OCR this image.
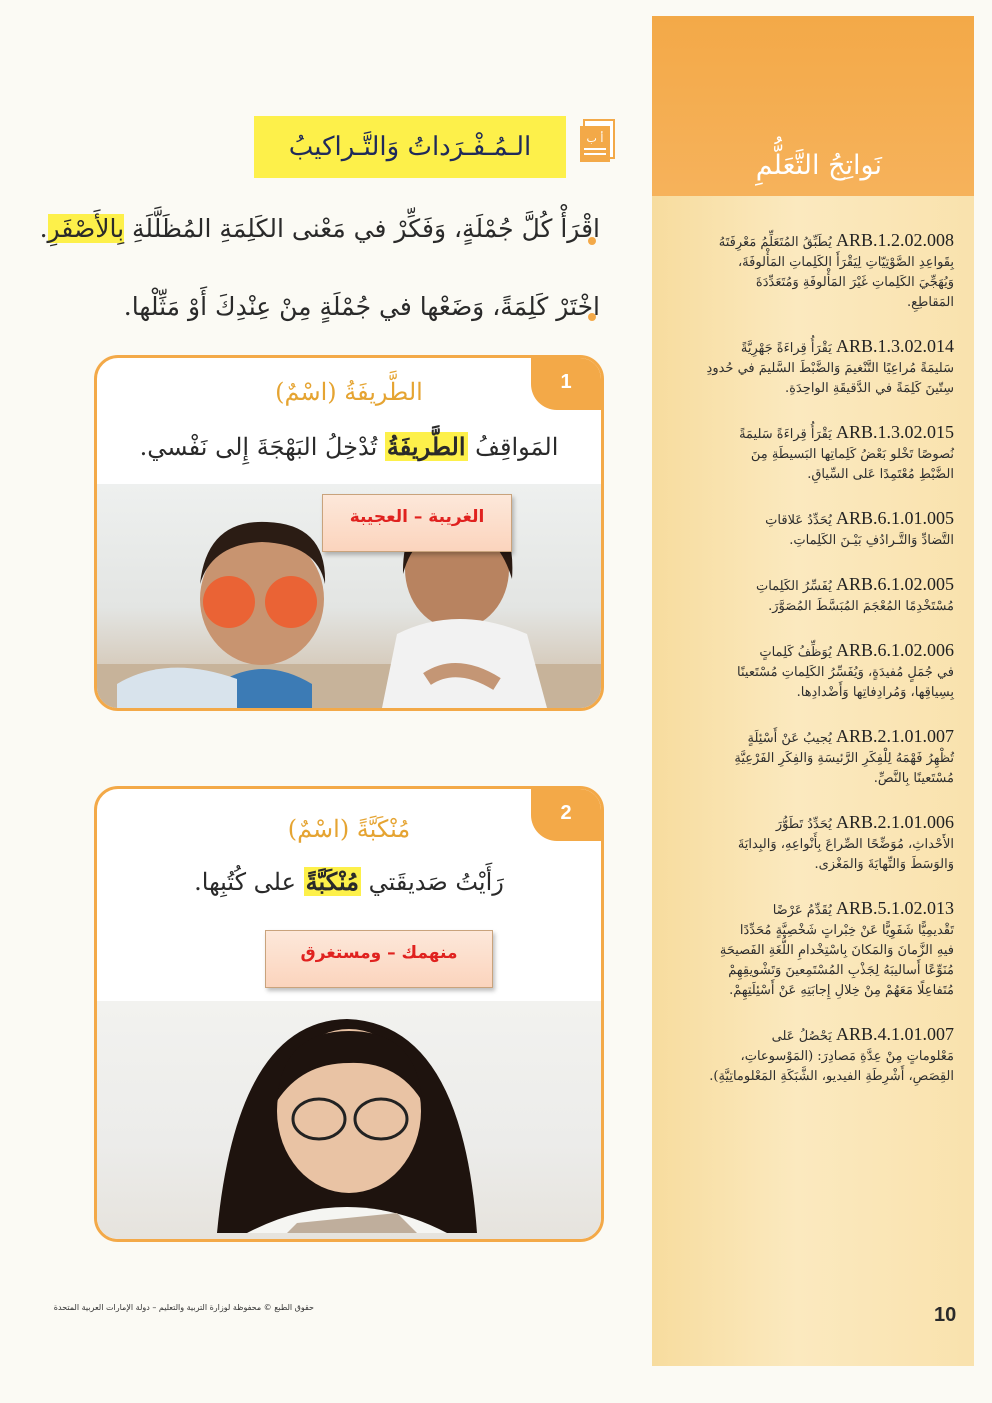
نَواتِجُ التَّعَلُّمِ
ARB.1.2.02.008 يُطَبِّقُ المُتَعَلِّمُ مَعْرِفَتَهُ
بِقَواعِدِ الصَّوْتِيّاتِ لِيَقْرَأَ الكَلِماتِ المَأْلوفَةَ،
وَيُهَجِّيَ الكَلِماتِ غَيْرَ المَأْلوفَةِ وَمُتَعَدِّدَةَ
المَقاطِعِ.
ARB.1.3.02.014 يَقْرَأُ قِراءَةً جَهْرِيَّةً
سَليمَةً مُراعِيًا التَّنْغيمَ وَالضَّبْطَ السَّليمَ في حُدودِ
سِتّينَ كَلِمَةً في الدَّقيقَةِ الواحِدَةِ.
ARB.1.3.02.015 يَقْرَأُ قِراءَةً سَليمَةً
نُصوصًا تَخْلو بَعْضُ كَلِماتِها البَسيطَةِ مِنَ
الضَّبْطِ مُعْتَمِدًا عَلى السِّياقِ.
ARB.6.1.01.005 يُحَدِّدُ عَلاقاتِ
التَّضادِّ وَالتَّـرادُفِ بَيْـنَ الكَلِماتِ.
ARB.6.1.02.005 يُفَسِّرُ الكَلِماتِ
مُسْتَخْدِمًا المُعْجَمَ المُبَسَّطَ المُصَوَّرَ.
ARB.6.1.02.006 يُوَظِّفُ كَلِماتٍ
في جُمَلٍ مُفيدَةٍ، وَيُفَسِّرُ الكَلِماتِ مُسْتَعينًا
بِسِياقِها، وَمُرادِفاتِها وَأَضْدادِها.
ARB.2.1.01.007 يُجيبُ عَنْ أَسْئِلَةٍ
تُظْهِرُ فَهْمَهُ لِلْفِكَرِ الرَّئيسَةِ وَالفِكَرِ الفَرْعِيَّةِ
مُسْتَعينًا بِالنَّصِّ.
ARB.2.1.01.006 يُحَدِّدُ تَطَوُّرَ
الأَحْداثِ، مُوَضِّحًا الصِّراعَ بِأَنْواعِهِ، وَالبِدايَةَ
وَالوَسَطَ وَالنِّهايَةَ وَالمَغْزى.
ARB.5.1.02.013 يُقَدِّمُ عَرْضًا
تَقْديمِيًّا شَفَوِيًّا عَنْ خِبْراتٍ شَخْصِيَّةٍ مُحَدِّدًا
فيهِ الزَّمانَ وَالمَكانَ بِاسْتِخْدامِ اللُّغَةِ الفَصيحَةِ
مُنَوِّعًا أَساليبَهُ لِجَذْبِ المُسْتَمِعينَ وَتَشْويقِهِمْ
مُتَفاعِلًا مَعَهُمْ مِنْ خِلالِ إِجابَتِهِ عَنْ أَسْئِلَتِهِمْ.
ARB.4.1.01.007 يَحْصُلُ عَلى
مَعْلوماتٍ مِنْ عِدَّةِ مَصادِرَ: (المَوْسوعاتِ،
القِصَصِ، أَشْرِطَةِ الفيديو، الشَّبَكَةِ المَعْلوماتِيَّةِ).
أ ب
الـمُـفْـرَداتُ وَالتَّـراكيبُ
اقْرَأْ كُلَّ جُمْلَةٍ، وَفَكِّرْ في مَعْنى الكَلِمَةِ المُظَلَّلَةِ بِالأَصْفَرِ.
اخْتَرْ كَلِمَةً، وَضَعْها في جُمْلَةٍ مِنْ عِنْدِكَ أَوْ مَثِّلْها.
1
الطَّريفَةُ (اسْمٌ)
المَواقِفُ الطَّريفَةُ تُدْخِلُ البَهْجَةَ إِلى نَفْسي.
الغريبة – العجيبة
2
مُنْكَبَّةً (اسْمٌ)
رَأَيْتُ صَديقَتي مُنْكَبَّةً على كُتُبِها.
منهمك – ومستغرق
حقوق الطبع © محفوظة لوزارة التربية والتعليم – دولة الإمارات العربية المتحدة	10
